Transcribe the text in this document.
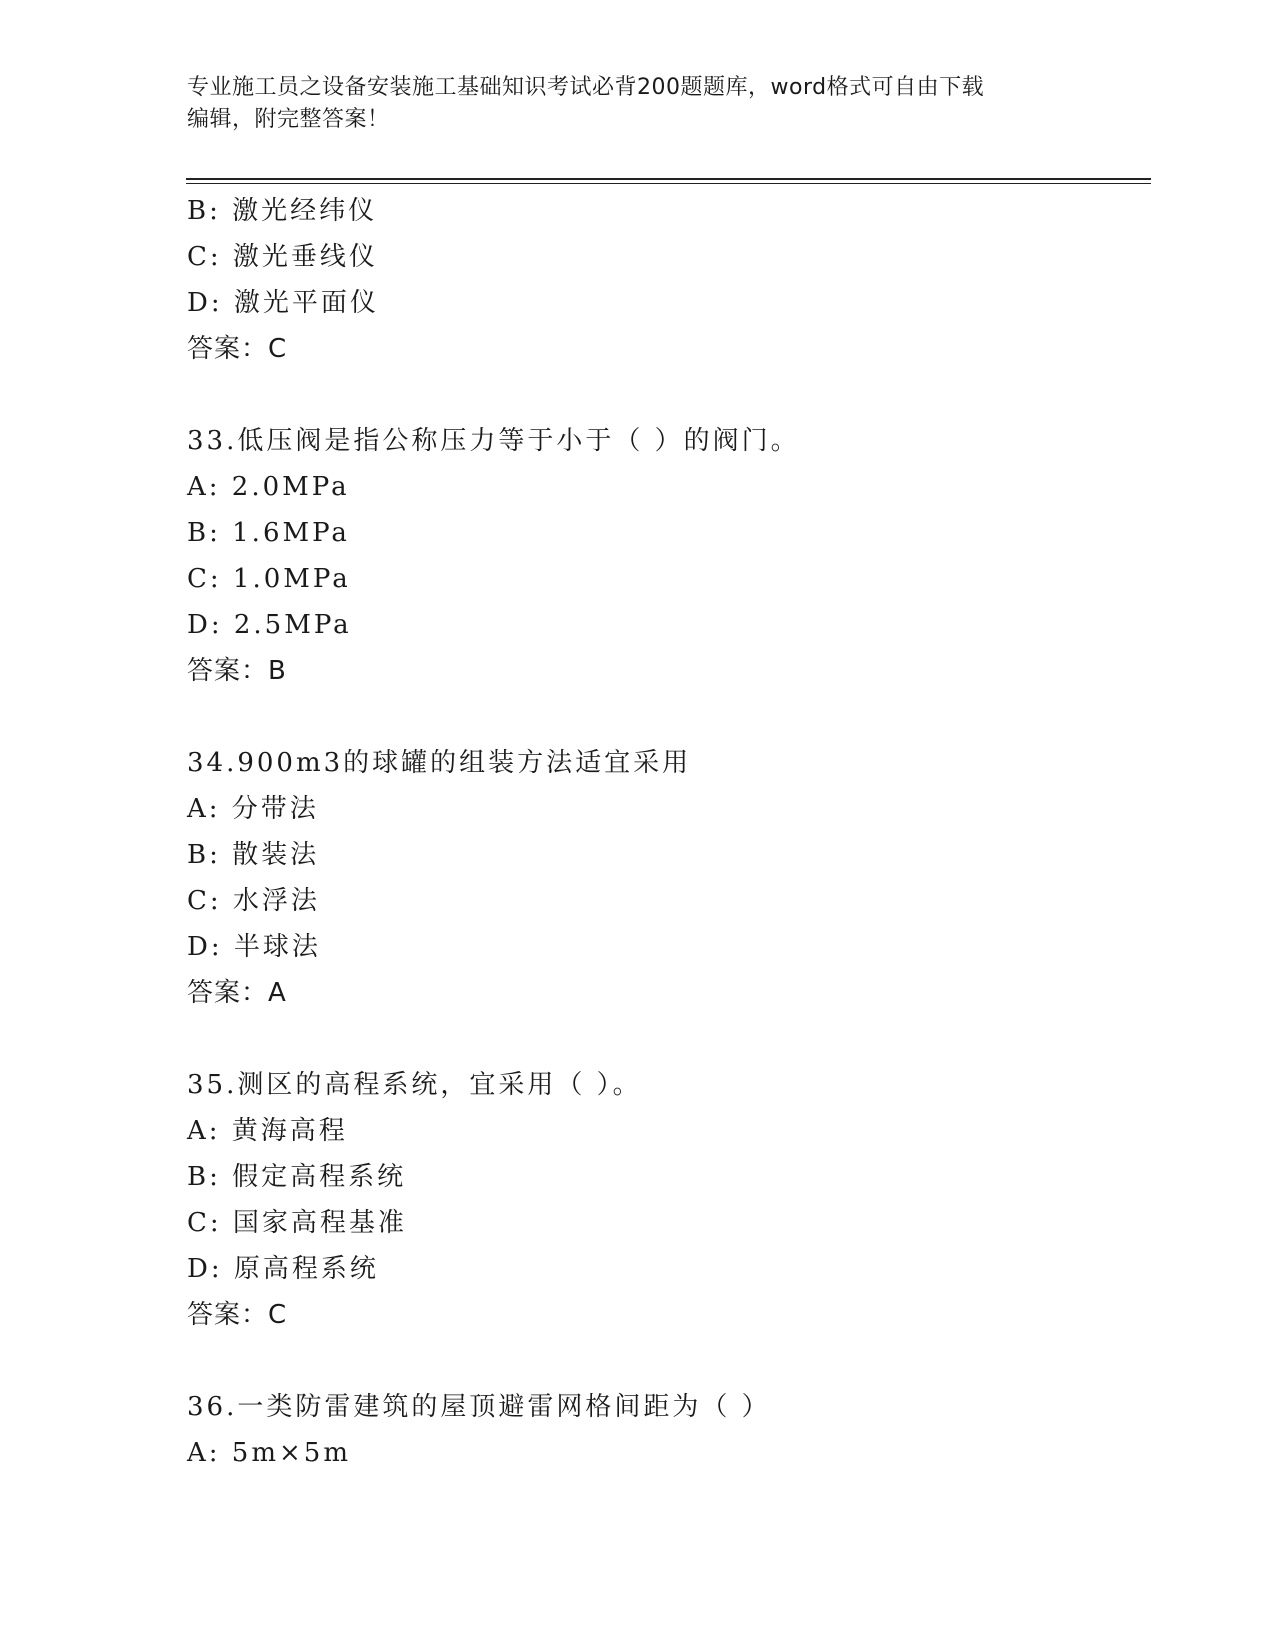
专业施工员之设备安装施工基础知识考试必背200题题库，word格式可自由下载
编辑，附完整答案！
B: 激光经纬仪
C: 激光垂线仪
D: 激光平面仪
答案：C
33.低压阀是指公称压力等于小于（ ）的阀门。
A: 2.0MPa
B: 1.6MPa
C: 1.0MPa
D: 2.5MPa
答案：B
34.900m3的球罐的组装方法适宜采用
A: 分带法
B: 散装法
C: 水浮法
D: 半球法
答案：A
35.测区的高程系统，宜采用（ ）。
A: 黄海高程
B: 假定高程系统
C: 国家高程基准
D: 原高程系统
答案：C
36.一类防雷建筑的屋顶避雷网格间距为（ ）
A: 5m×5m
